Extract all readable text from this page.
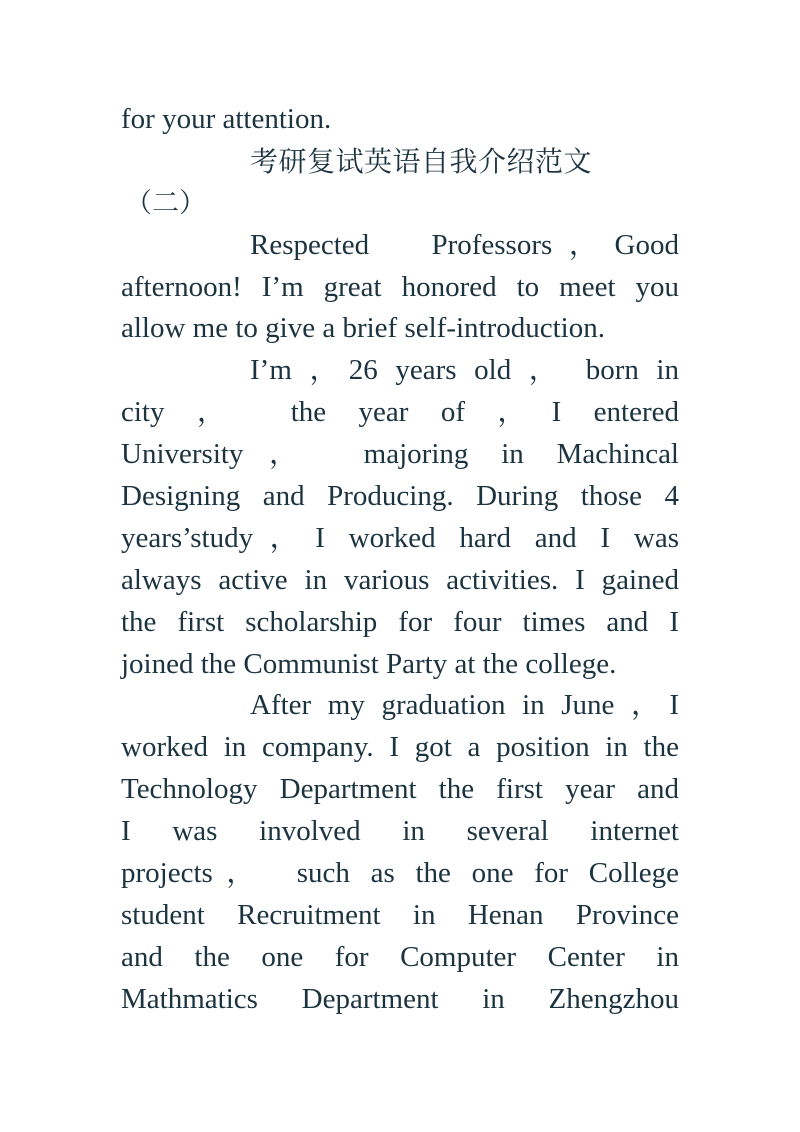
for your attention.
考研复试英语自我介绍范文
（二）
Respected　Professors，Good
afternoon! I’m great honored to meet you
allow me to give a brief self-introduction.
I’m ，26 years old ， born in
city ，　the year of ，I entered
University，　majoring in Machincal
Designing and Producing. During those 4
years’study，I worked hard and I was
always active in various activities. I gained
the first scholarship for four times and I
joined the Communist Party at the college.
After my graduation in June ，I
worked in company. I got a position in the
Technology Department the first year and
I was involved in several internet
projects，　such as the one for College
student Recruitment in Henan Province
and the one for Computer Center in
Mathmatics Department in Zhengzhou
